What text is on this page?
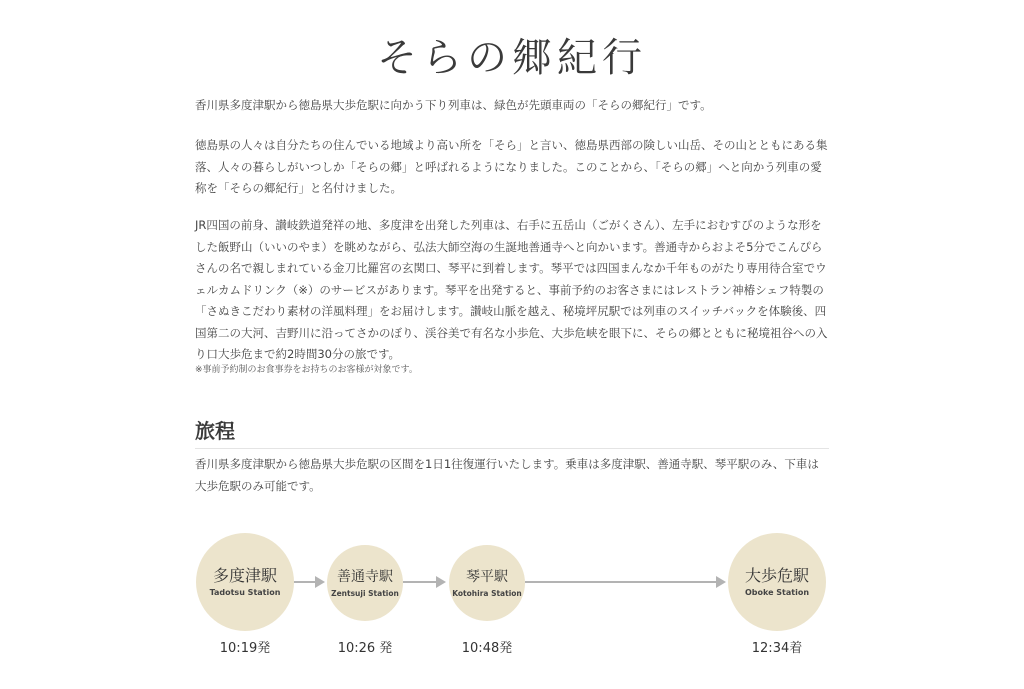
そらの郷紀行

香川県多度津駅から徳島県大歩危駅に向かう下り列車は、緑色が先頭車両の「そらの郷紀行」です。

徳島県の人々は自分たちの住んでいる地域より高い所を「そら」と言い、徳島県西部の険しい山岳、その山とともにある集落、人々の暮らしがいつしか「そらの郷」と呼ばれるようになりました。このことから、「そらの郷」へと向かう列車の愛称を「そらの郷紀行」と名付けました。

JR四国の前身、讃岐鉄道発祥の地、多度津を出発した列車は、右手に五岳山（ごがくさん）、左手におむすびのような形をした飯野山（いいのやま）を眺めながら、弘法大師空海の生誕地善通寺へと向かいます。善通寺からおよそ5分でこんぴらさんの名で親しまれている金刀比羅宮の玄関口、琴平に到着します。琴平では四国まんなか千年ものがたり専用待合室でウェルカムドリンク（※）のサービスがあります。琴平を出発すると、事前予約のお客さまにはレストラン神椿シェフ特製の「さぬきこだわり素材の洋風料理」をお届けします。讃岐山脈を越え、秘境坪尻駅では列車のスイッチバックを体験後、四国第二の大河、吉野川に沿ってさかのぼり、渓谷美で有名な小歩危、大歩危峡を眼下に、そらの郷とともに秘境祖谷への入り口大歩危まで約2時間30分の旅です。

※事前予約制のお食事券をお持ちのお客様が対象です。

旅程

香川県多度津駅から徳島県大歩危駅の区間を1日1往復運行いたします。乗車は多度津駅、善通寺駅、琴平駅のみ、下車は大歩危駅のみ可能です。

多度津駅
Tadotsu Station
善通寺駅
Zentsuji Station
琴平駅
Kotohira Station
大歩危駅
Oboke Station
10:19発	10:26 発	10:48発	12:34着
